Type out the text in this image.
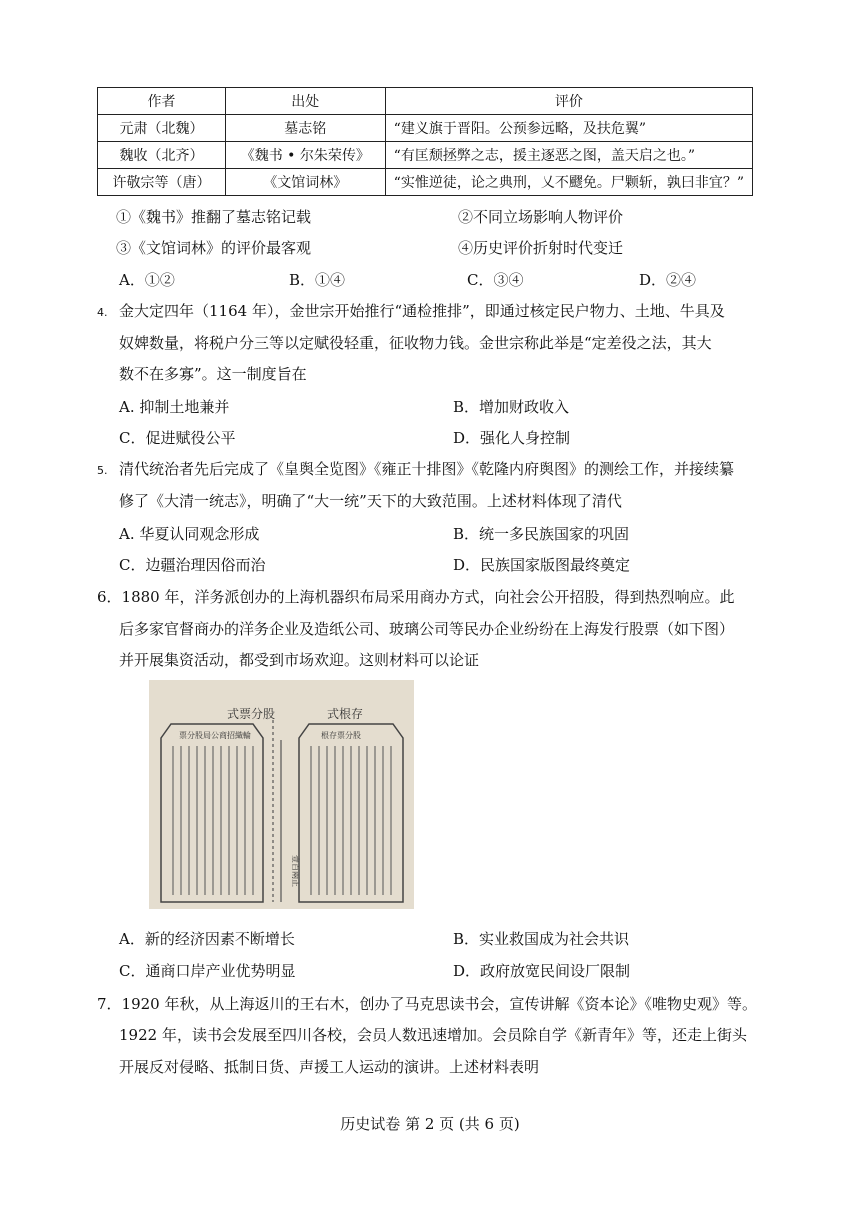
作者	出处	评价
元肃（北魏）	墓志铭	“建义旗于晋阳。公预参远略，及扶危翼”
魏收（北齐）	《魏书 • 尔朱荣传》	“有匡颓拯弊之志，援主逐恶之图，盖天启之也。”
许敬宗等（唐）	《文馆词林》	“实惟逆徒，论之典刑，乂不飂免。尸颗斩，孰曰非宜？”
①《魏书》推翻了墓志铭记载	②不同立场影响人物评价
③《文馆词林》的评价最客观	④历史评价折射时代变迁
A．①②	B．①④	C．③④	D．②④
4. 金大定四年（1164 年），金世宗开始推行“通检推排”，即通过核定民户物力、土地、牛具及
奴婢数量，将税户分三等以定赋役轻重，征收物力钱。金世宗称此举是“定差役之法，其大
数不在多寡”。这一制度旨在
A. 抑制土地兼并	B．增加财政收入
C．促进赋役公平	D．强化人身控制
5. 清代统治者先后完成了《皇舆全览图》《雍正十排图》《乾隆内府舆图》的测绘工作，并接续纂
修了《大清一统志》，明确了“大一统”天下的大致范围。上述材料体现了清代
A. 华夏认同观念形成	B．统一多民族国家的巩固
C．边疆治理因俗而治	D．民族国家版图最终奠定
6．1880 年，洋务派创办的上海机器织布局采用商办方式，向社会公开招股，得到热烈响应。此
后多家官督商办的洋务企业及造纸公司、玻璃公司等民办企业纷纷在上海发行股票（如下图）
并开展集资活动，都受到市场欢迎。这则材料可以论证
式票分股
票分股局公商招織輪
壹百兩正
式根存
根存票分股
A．新的经济因素不断增长	B．实业救国成为社会共识
C．通商口岸产业优势明显	D．政府放宽民间设厂限制
7．1920 年秋，从上海返川的王右木，创办了马克思读书会，宣传讲解《资本论》《唯物史观》等。
1922 年，读书会发展至四川各校，会员人数迅速增加。会员除自学《新青年》等，还走上街头
开展反对侵略、抵制日货、声援工人运动的演讲。上述材料表明
历史试卷 第 2 页 (共 6 页)
